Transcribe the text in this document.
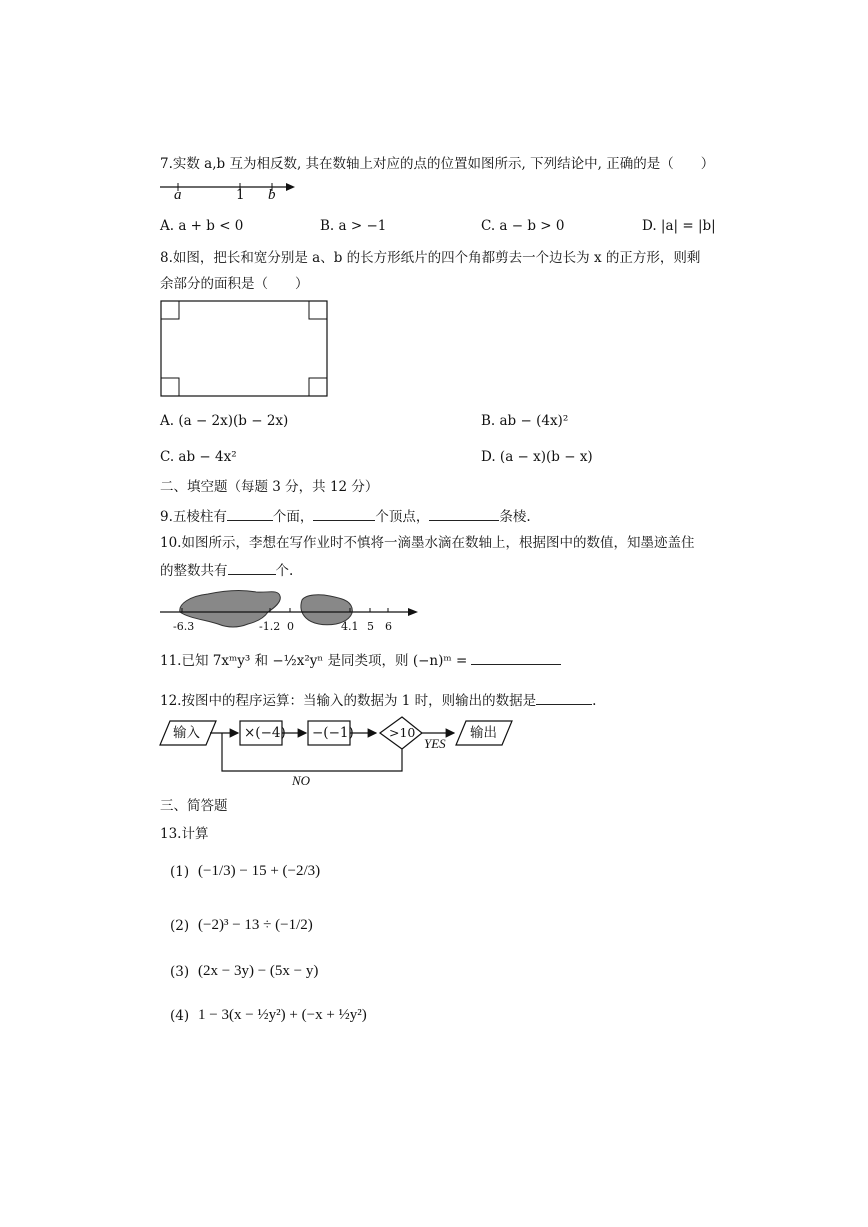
7.实数 a,b 互为相反数, 其在数轴上对应的点的位置如图所示, 下列结论中, 正确的是（　　）
a	1 b
A. a + b < 0	B. a > −1	C. a − b > 0	D. |a| = |b|
8.如图，把长和宽分别是 a、b 的长方形纸片的四个角都剪去一个边长为 x 的正方形，则剩
余部分的面积是（　　）
A. (a − 2x)(b − 2x)	B. ab − (4x)²
C. ab − 4x²	D. (a − x)(b − x)
二、填空题（每题 3 分，共 12 分）
9.五棱柱有	个面，	个顶点，	条棱.
10.如图所示，李想在写作业时不慎将一滴墨水滴在数轴上，根据图中的数值，知墨迹盖住
的整数共有	个.
-6.3	-1.2 0	4.1 5 6
11.已知 7xᵐy³ 和 −½x²yⁿ 是同类项，则 (−n)ᵐ =
12.按图中的程序运算：当输入的数据为 1 时，则输出的数据是	.
输入	×(−4) −(−1)	>10
YES
输出
NO
三、简答题
13.计算
(1) (−1/3) − 15 + (−2/3)
(2) (−2)³ − 13 ÷ (−1/2)
(3) (2x − 3y) − (5x − y)
(4) 1 − 3(x − ½y²) + (−x + ½y²)
